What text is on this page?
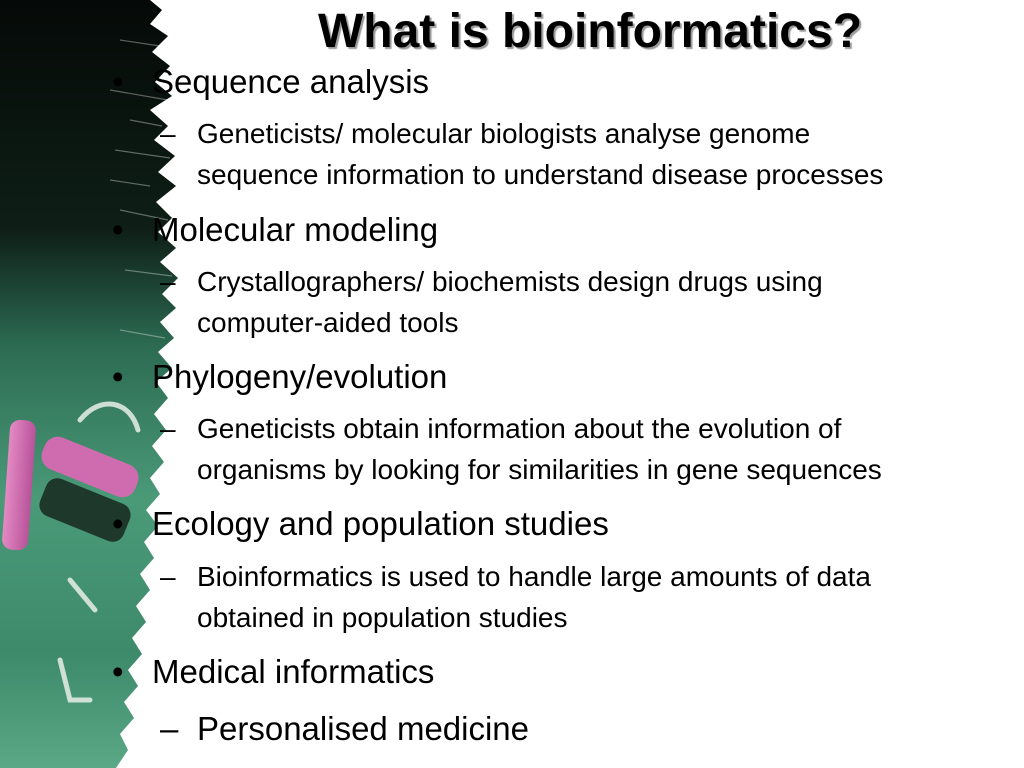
What is bioinformatics?
• Sequence analysis
– Geneticists/ molecular biologists analyse genome
sequence information to understand disease processes
• Molecular modeling
– Crystallographers/ biochemists design drugs using
computer-aided tools
• Phylogeny/evolution
– Geneticists obtain information about the evolution of
organisms by looking for similarities in gene sequences
• Ecology and population studies
– Bioinformatics is used to handle large amounts of data
obtained in population studies
• Medical informatics
– Personalised medicine
